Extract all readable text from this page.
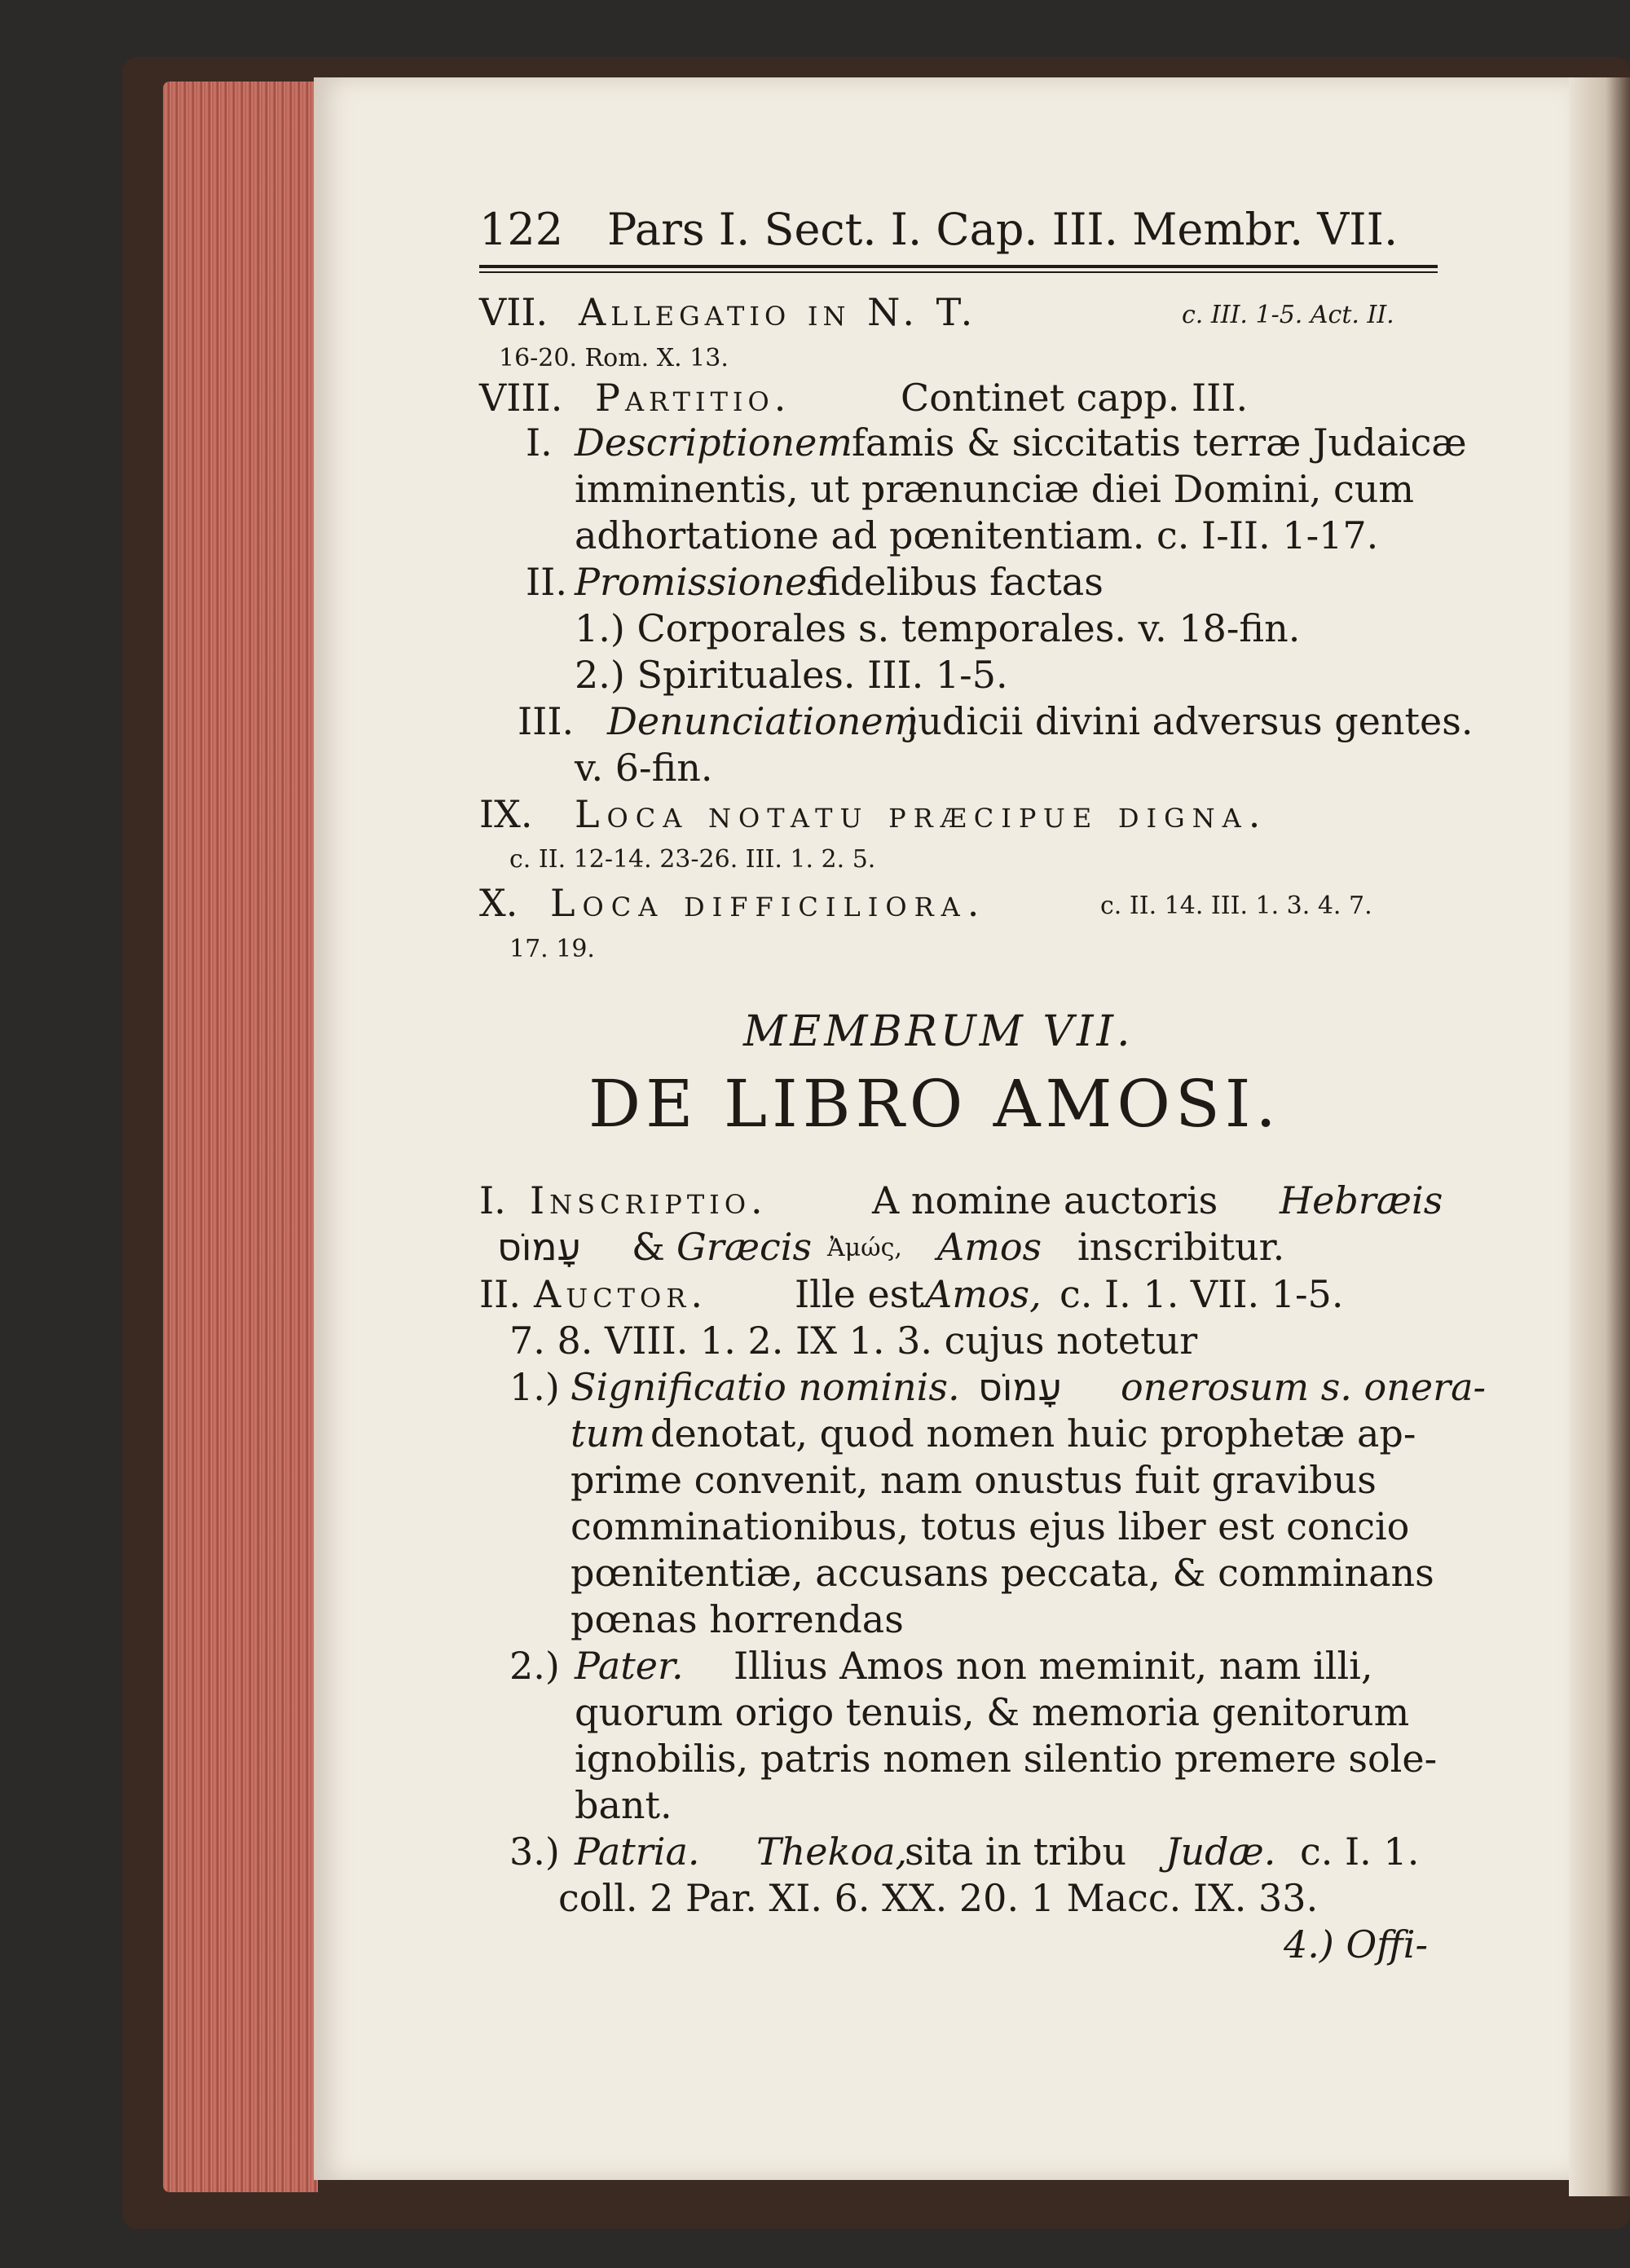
122 Pars I. Sect. I. Cap. III. Membr. VII.
VII. Allegatio in N. T.	c. III. 1-5. Act. II.
16-20. Rom. X. 13.
VIII. Partitio.	Continet capp. III.
I. Descriptionem famis & siccitatis terræ Judaicæ
imminentis, ut prænunciæ diei Domini, cum
adhortatione ad pœnitentiam. c. I-II. 1-17.
II. Promissiones
fidelibus factas
1.) Corporales s. temporales. v. 18-fin.
2.) Spirituales. III. 1-5.
III. Denunciationem
judicii divini adversus gentes.
v. 6-fin.
IX. Loca notatu præcipue digna.
c. II. 12-14. 23-26. III. 1. 2. 5.
X. Loca difficiliora.	c. II. 14. III. 1. 3. 4. 7.
17. 19.
MEMBRUM VII.
DE LIBRO AMOSI.
I. Inscriptio.	A nomine auctoris Hebræis
עָמוֹס & Græcis Ἀμώς, Amos inscribitur.
II. Auctor. Ille est Amos, c. I. 1. VII. 1-5.
7. 8. VIII. 1. 2. IX 1. 3. cujus notetur
1.) Significatio nominis. עָמוֹס onerosum s. onera-
tum denotat, quod nomen huic prophetæ ap-
prime convenit, nam onustus fuit gravibus
comminationibus, totus ejus liber est concio
pœnitentiæ, accusans peccata, & comminans
pœnas horrendas
2.) Pater. Illius Amos non meminit, nam illi,
quorum origo tenuis, & memoria genitorum
ignobilis, patris nomen silentio premere sole-
bant.
3.) Patria. Thekoa,
sita in tribu Judæ. c. I. 1.
coll. 2 Par. XI. 6. XX. 20. 1 Macc. IX. 33.
4.) Offi-
